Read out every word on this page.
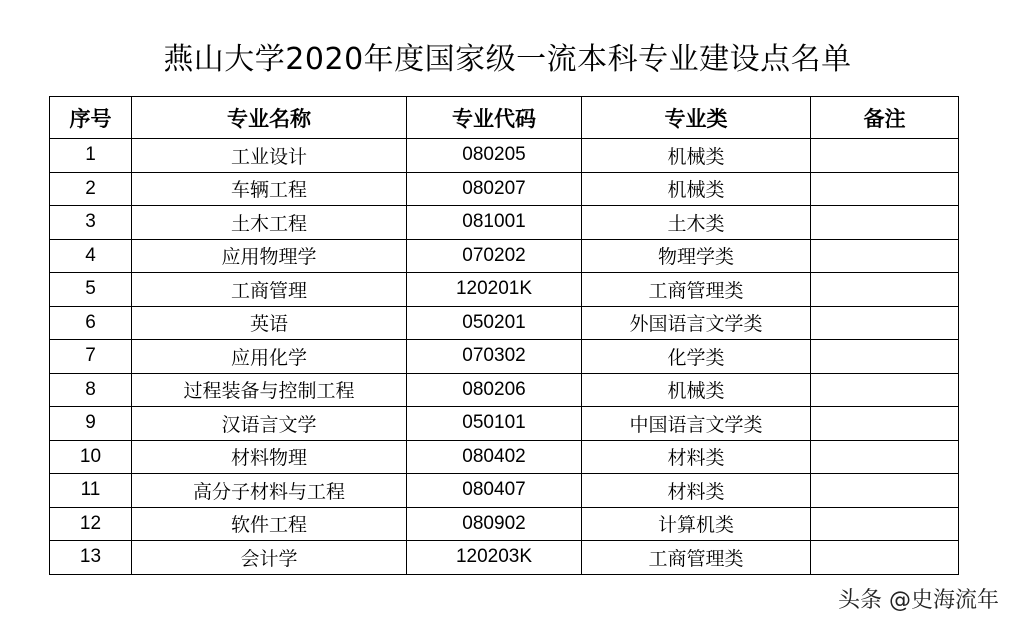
燕山大学2020年度国家级一流本科专业建设点名单
序号	专业名称	专业代码	专业类	备注
1	工业设计	080205	机械类	
2	车辆工程	080207	机械类	
3	土木工程	081001	土木类	
4	应用物理学	070202	物理学类	
5	工商管理	120201K	工商管理类	
6	英语	050201	外国语言文学类	
7	应用化学	070302	化学类	
8	过程装备与控制工程	080206	机械类	
9	汉语言文学	050101	中国语言文学类	
10	材料物理	080402	材料类	
11	高分子材料与工程	080407	材料类	
12	软件工程	080902	计算机类	
13	会计学	120203K	工商管理类	
头条 @史海流年
